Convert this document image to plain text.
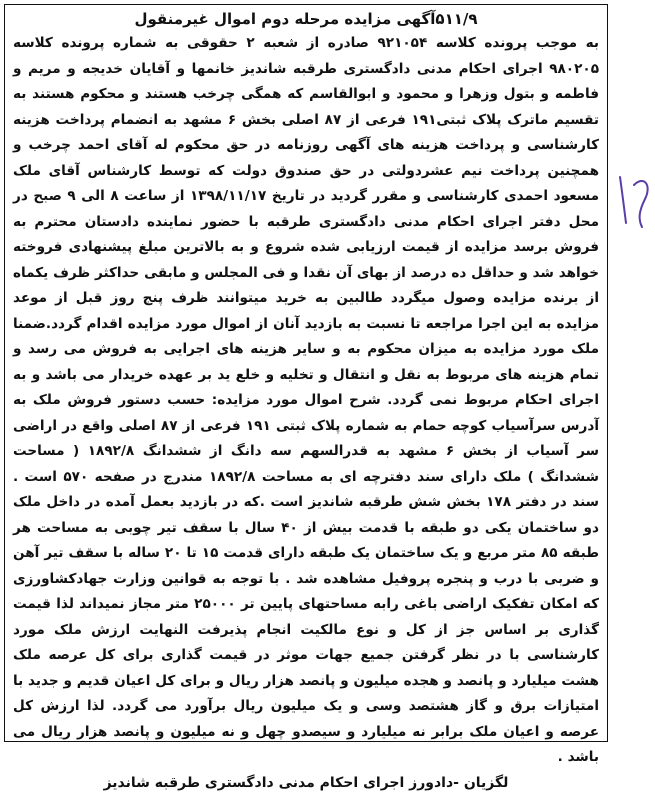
۵۱۱/۹آگهی مزایده مرحله دوم اموال غیرمنقول

به موجب پرونده کلاسه ۹۲۱۰۵۴ صادره از شعبه ۲ حقوقی به شماره پرونده کلاسه ۹۸۰۲۰۵ اجرای احکام مدنی دادگستری طرقبه شاندیز خانمها و آقایان خدیجه و مریم و فاطمه و بتول وزهرا و محمود و ابوالقاسم که همگی چرخب هستند و محکوم هستند به تقسیم ماترک پلاک ثبتی۱۹۱ فرعی از ۸۷ اصلی بخش ۶ مشهد به انضمام پرداخت هزینه کارشناسی و پرداخت هزینه های آگهی روزنامه در حق محکوم له آقای احمد چرخب و همچنین پرداخت نیم عشردولتی در حق صندوق دولت که توسط کارشناس آقای ملک مسعود احمدی کارشناسی و مقرر گردید در تاریخ ۱۳۹۸/۱۱/۱۷ از ساعت ۸ الی ۹ صبح در محل دفتر اجرای احکام مدنی دادگستری طرقبه با حضور نماینده دادستان محترم به فروش برسد مزایده از قیمت ارزیابی شده شروع و به بالاترین مبلغ پیشنهادی فروخته خواهد شد و حداقل ده درصد از بهای آن نقدا و فی المجلس و مابقی حداکثر ظرف یکماه از برنده مزایده وصول میگردد طالبین به خرید میتوانند ظرف پنج روز قبل از موعد مزایده به این اجرا مراجعه تا نسبت به بازدید آنان از اموال مورد مزایده اقدام گردد.ضمنا ملک مورد مزایده به میزان محکوم به و سایر هزینه های اجرایی به فروش می رسد و تمام هزینه های مربوط به نقل و انتقال و تخلیه و خلع ید بر عهده خریدار می باشد و به اجرای احکام مربوط نمی گردد. شرح اموال مورد مزایده: حسب دستور فروش ملک به آدرس سرآسیاب کوچه حمام به شماره پلاک ثبتی ۱۹۱ فرعی از ۸۷ اصلی واقع در اراضی سر آسیاب از بخش ۶ مشهد به قدرالسهم سه دانگ از ششدانگ ۱۸۹۲/۸ ( مساحت ششدانگ ) ملک دارای سند دفترچه ای به مساحت ۱۸۹۲/۸ مندرج در صفحه ۵۷۰ است . سند در دفتر ۱۷۸ بخش شش طرقبه شاندیز است .که در بازدید بعمل آمده در داخل ملک دو ساختمان یکی دو طبقه با قدمت بیش از ۴۰ سال با سقف تیر چوبی به مساحت هر طبقه ۸۵ متر مربع و یک ساختمان یک طبقه دارای قدمت ۱۵ تا ۲۰ ساله با سقف تیر آهن و ضربی با درب و پنجره پروفیل مشاهده شد . با توجه به قوانین وزارت جهادکشاورزی که امکان تفکیک اراضی باغی رابه مساحتهای پایین تر ۲۵۰۰۰ متر مجاز نمیداند لذا قیمت گذاری بر اساس جز از کل و نوع مالکیت انجام پذیرفت النهایت ارزش ملک مورد کارشناسی با در نظر گرفتن جمیع جهات موثر در قیمت گذاری برای کل عرصه ملک هشت میلیارد و پانصد و هجده میلیون و پانصد هزار ریال و برای کل اعیان قدیم و جدید با امتیازات برق و گاز هشتصد وسی و یک میلیون ریال برآورد می گردد. لذا ارزش کل عرصه و اعیان ملک برابر نه میلیارد و سیصدو چهل و نه میلیون و پانصد هزار ریال می باشد .

لگزیان -دادورز اجرای احکام مدنی دادگستری طرقبه شاندیز
